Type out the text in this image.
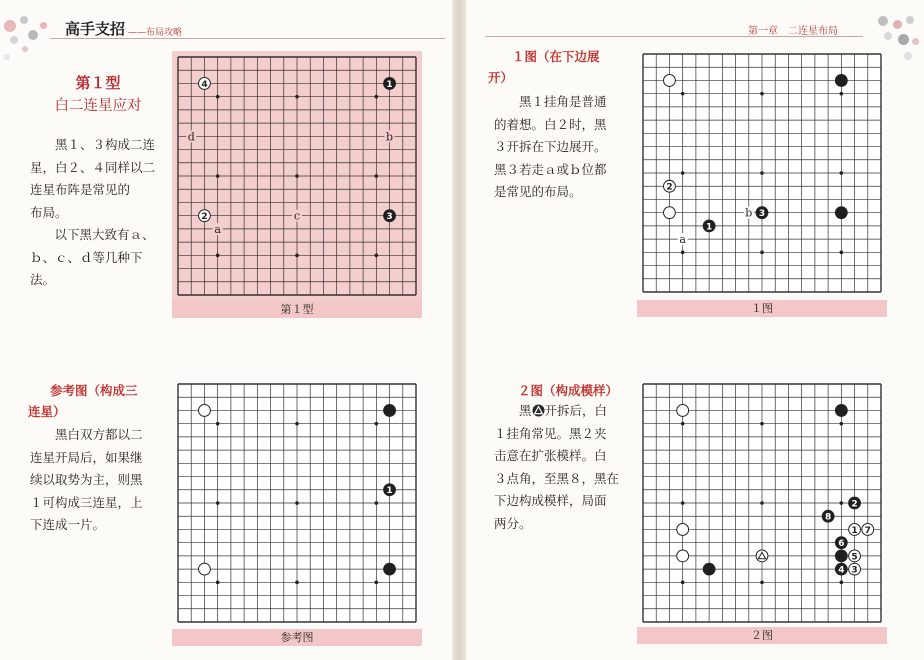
高手支招 ——布局攻略	第一章　二连星布局
第１型
白二连星应对

黑１、３构成二连

星，白２、４同样以二

连星布阵是常见的

布局。

　以下黑大致有ａ、

ｂ、ｃ、ｄ等几种下法。

参考图（构成三
连星）

黑白双方都以二

连星开局后，如果继

续以取势为主，则黑

１可构成三连星，上

下连成一片。

１图（在下边展
开）

黑１挂角是普通

的着想。白２时，黑

３开拆在下边展开。

黑３若走ａ或ｂ位都

是常见的布局。

２图（构成模样）

黑 开拆后，白

１挂角常见。黑２夹

击意在扩张模样。白

３点角，至黑８，黑在

下边构成模样，局面

两分。

d	b
c
a
4	1
2	3
第１型
1
参考图
b
a
2
1
3
１图
2
8
1 7
6
5
4 3
２图
